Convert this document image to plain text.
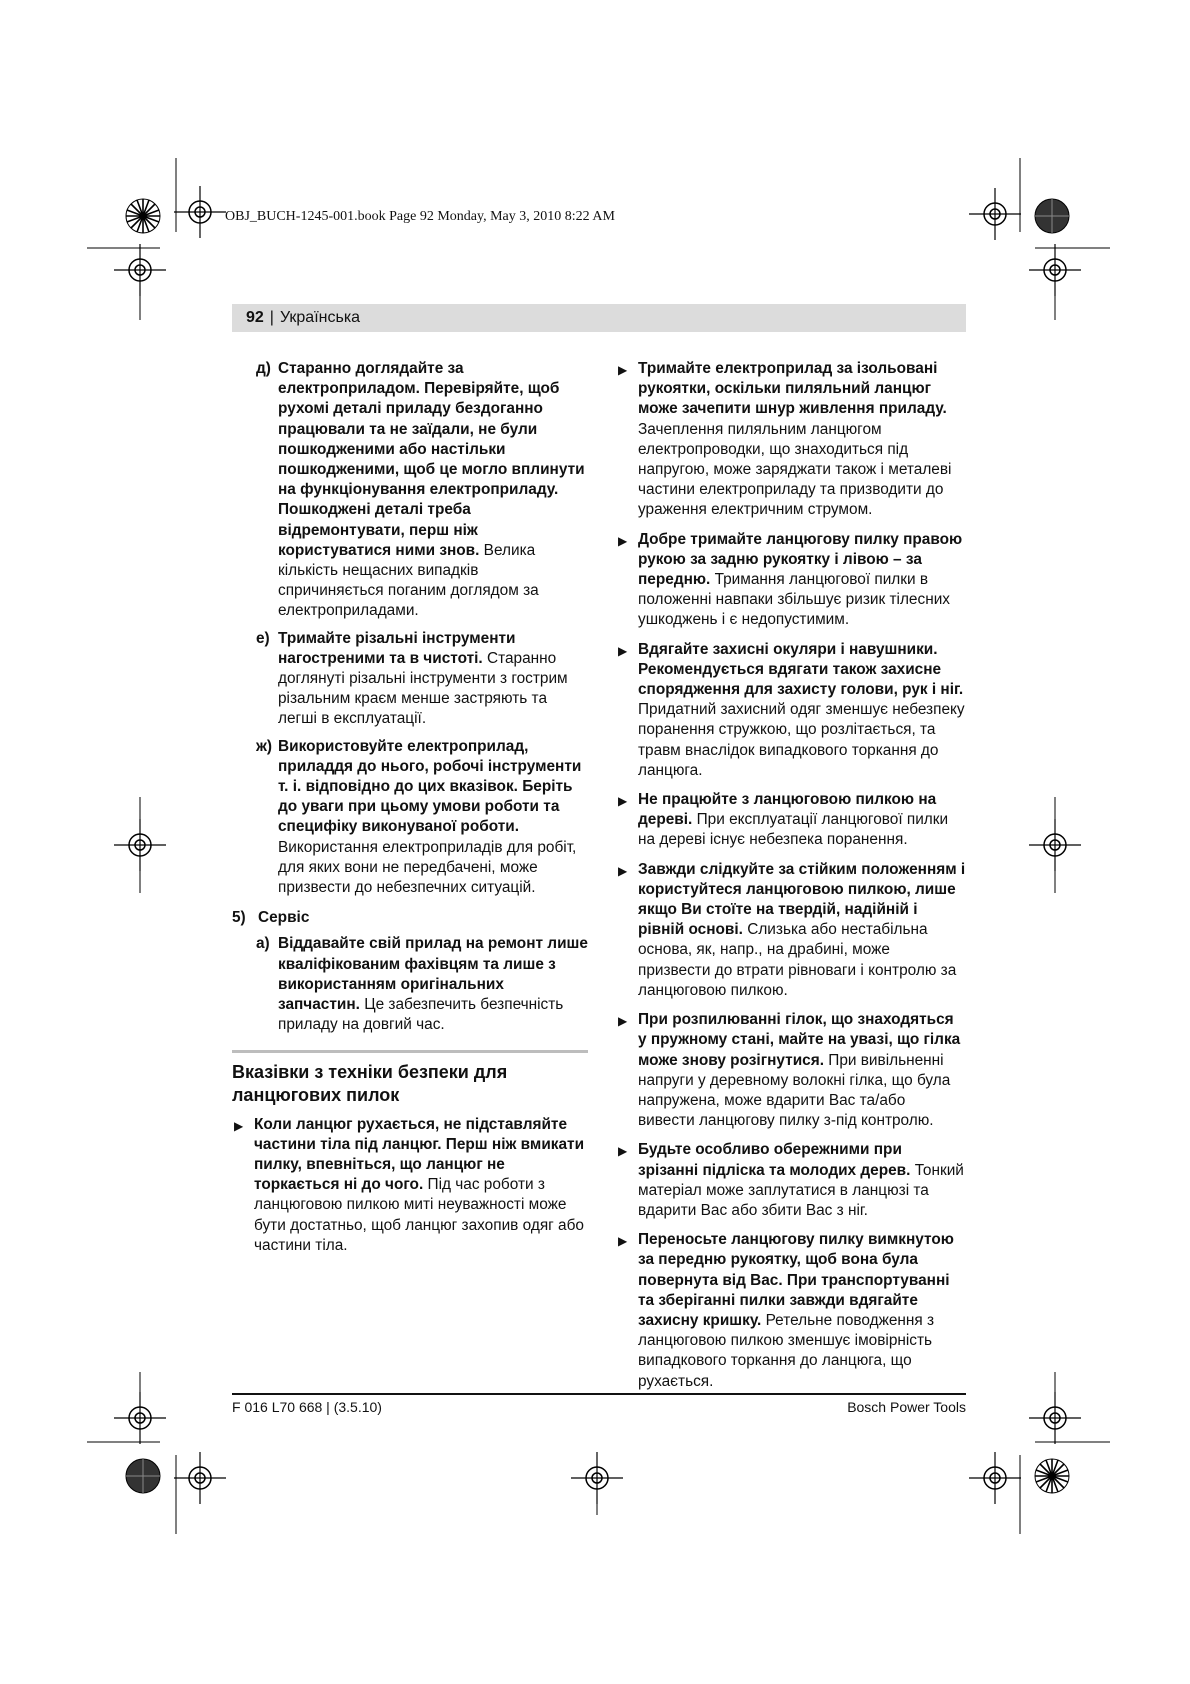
OBJ_BUCH-1245-001.book Page 92 Monday, May 3, 2010 8:22 AM
92 | Українська
д) Старанно доглядайте за електроприладом. Перевіряйте, щоб рухомі деталі приладу бездоганно працювали та не заїдали, не були пошкодженими або настільки пошкодженими, щоб це могло вплинути на функціонування електроприладу. Пошкоджені деталі треба відремонтувати, перш ніж користуватися ними знов. Велика кількість нещасних випадків спричиняється поганим доглядом за електроприладами.
е) Тримайте різальні інструменти нагостреними та в чистоті. Старанно доглянуті різальні інструменти з гострим різальним краєм менше застряють та легші в експлуатації.
ж) Використовуйте електроприлад, приладдя до нього, робочі інструменти т. і. відповідно до цих вказівок. Беріть до уваги при цьому умови роботи та специфіку виконуваної роботи. Використання електроприладів для робіт, для яких вони не передбачені, може призвести до небезпечних ситуацій.
5) Сервіс
а) Віддавайте свій прилад на ремонт лише кваліфікованим фахівцям та лише з використанням оригінальних запчастин. Це забезпечить безпечність приладу на довгий час.
Вказівки з техніки безпеки для ланцюгових пилок
▶ Коли ланцюг рухається, не підставляйте частини тіла під ланцюг. Перш ніж вмикати пилку, впевніться, що ланцюг не торкається ні до чого. Під час роботи з ланцюговою пилкою миті неуважності може бути достатньо, щоб ланцюг захопив одяг або частини тіла.
▶ Тримайте електроприлад за ізольовані рукоятки, оскільки пиляльний ланцюг може зачепити шнур живлення приладу. Зачеплення пиляльним ланцюгом електропроводки, що знаходиться під напругою, може заряджати також і металеві частини електроприладу та призводити до ураження електричним струмом.
▶ Добре тримайте ланцюгову пилку правою рукою за задню рукоятку і лівою – за передню. Тримання ланцюгової пилки в положенні навпаки збільшує ризик тілесних ушкоджень і є недопустимим.
▶ Вдягайте захисні окуляри і навушники. Рекомендується вдягати також захисне спорядження для захисту голови, рук і ніг. Придатний захисний одяг зменшує небезпеку поранення стружкою, що розлітається, та травм внаслідок випадкового торкання до ланцюга.
▶ Не працюйте з ланцюговою пилкою на дереві. При експлуатації ланцюгової пилки на дереві існує небезпека поранення.
▶ Завжди слідкуйте за стійким положенням і користуйтеся ланцюговою пилкою, лише якщо Ви стоїте на твердій, надійній і рівній основі. Слизька або нестабільна основа, як, напр., на драбині, може призвести до втрати рівноваги і контролю за ланцюговою пилкою.
▶ При розпилюванні гілок, що знаходяться у пружному стані, майте на увазі, що гілка може знову розігнутися. При вивільненні напруги у деревному волокні гілка, що була напружена, може вдарити Вас та/або вивести ланцюгову пилку з-під контролю.
▶ Будьте особливо обережними при зрізанні підліска та молодих дерев. Тонкий матеріал може заплутатися в ланцюзі та вдарити Вас або збити Вас з ніг.
▶ Переносьте ланцюгову пилку вимкнутою за передню рукоятку, щоб вона була повернута від Вас. При транспортуванні та зберіганні пилки завжди вдягайте захисну кришку. Ретельне поводження з ланцюговою пилкою зменшує імовірність випадкового торкання до ланцюга, що рухається.
F 016 L70 668 | (3.5.10)	Bosch Power Tools
